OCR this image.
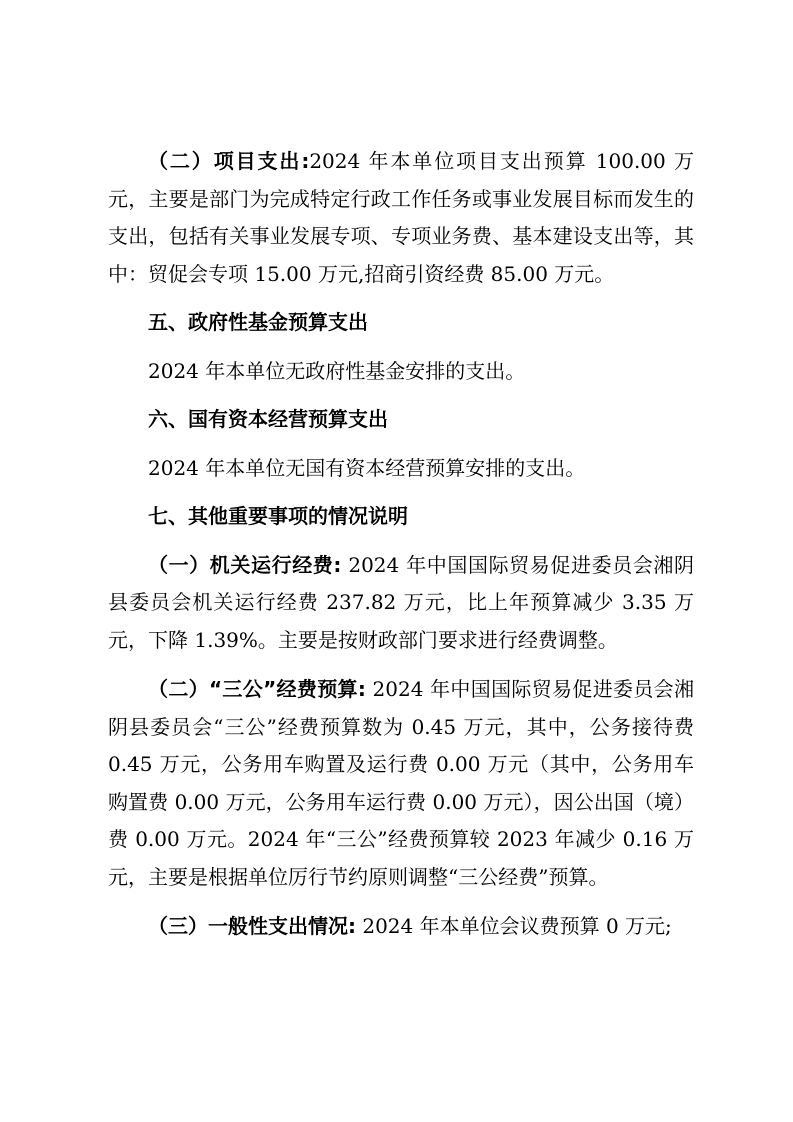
（二）项目支出:2024 年本单位项目支出预算 100.00 万元，主要是部门为完成特定行政工作任务或事业发展目标而发生的支出，包括有关事业发展专项、专项业务费、基本建设支出等，其中：贸促会专项 15.00 万元,招商引资经费 85.00 万元。

五、政府性基金预算支出

2024 年本单位无政府性基金安排的支出。

六、国有资本经营预算支出

2024 年本单位无国有资本经营预算安排的支出。

七、其他重要事项的情况说明

（一）机关运行经费: 2024 年中国国际贸易促进委员会湘阴县委员会机关运行经费 237.82 万元，比上年预算减少 3.35 万元，下降 1.39%。主要是按财政部门要求进行经费调整。

（二）“三公”经费预算: 2024 年中国国际贸易促进委员会湘阴县委员会“三公”经费预算数为 0.45 万元，其中，公务接待费 0.45 万元，公务用车购置及运行费 0.00 万元（其中，公务用车购置费 0.00 万元，公务用车运行费 0.00 万元），因公出国（境）费 0.00 万元。2024 年“三公”经费预算较 2023 年减少 0.16 万元，主要是根据单位厉行节约原则调整“三公经费”预算。

（三）一般性支出情况: 2024 年本单位会议费预算 0 万元;
